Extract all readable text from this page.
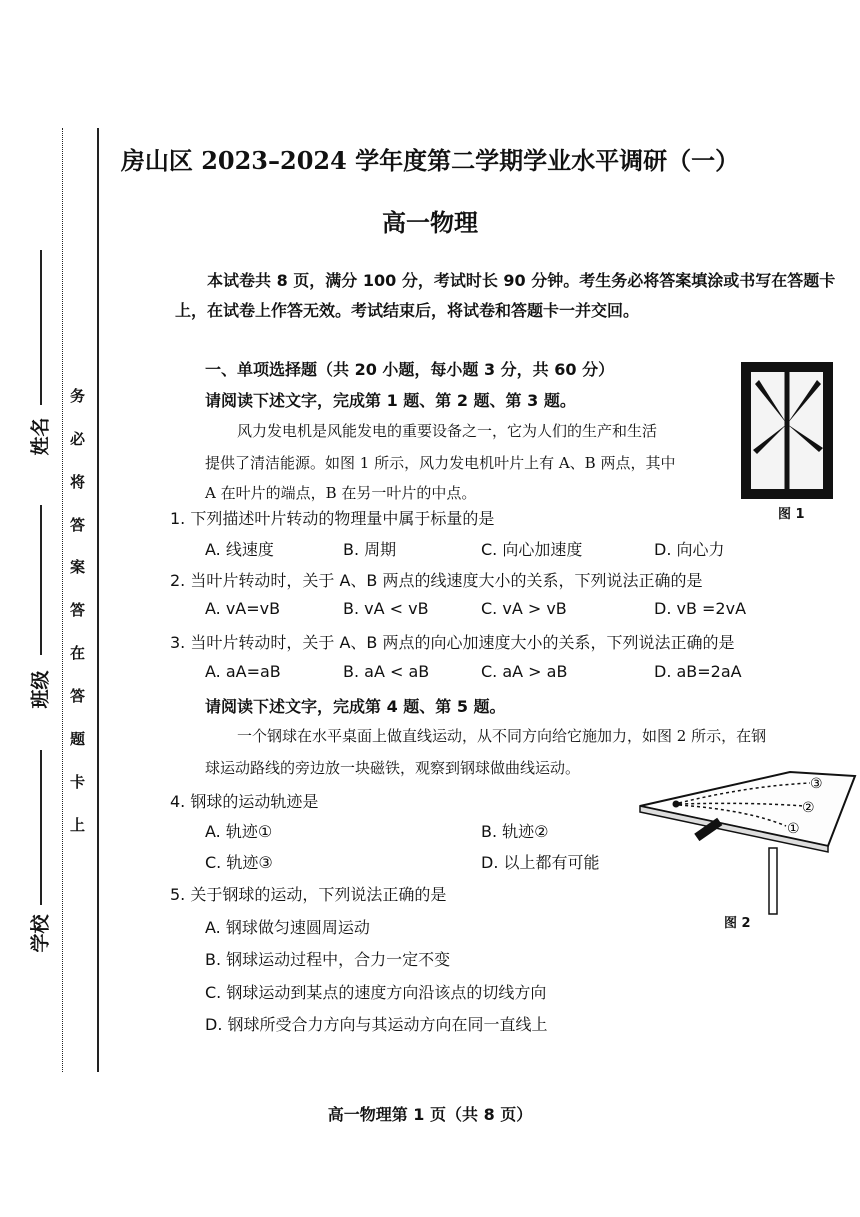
姓名
班级
学校
务
必
将
答
案
答
在
答
题
卡
上
房山区 2023–2024 学年度第二学期学业水平调研（一）
高一物理
本试卷共 8 页，满分 100 分，考试时长 90 分钟。考生务必将答案填涂或书写在答题卡上，在试卷上作答无效。考试结束后，将试卷和答题卡一并交回。
一、单项选择题（共 20 小题，每小题 3 分，共 60 分）
请阅读下述文字，完成第 1 题、第 2 题、第 3 题。
风力发电机是风能发电的重要设备之一，它为人们的生产和生活
提供了清洁能源。如图 1 所示，风力发电机叶片上有 A、B 两点，其中
A 在叶片的端点，B 在另一叶片的中点。
图 1
1. 下列描述叶片转动的物理量中属于标量的是
A. 线速度	B. 周期	C. 向心加速度	D. 向心力
2. 当叶片转动时，关于 A、B 两点的线速度大小的关系，下列说法正确的是
A. vA=vB	B. vA < vB	C. vA > vB	D. vB =2vA
3. 当叶片转动时，关于 A、B 两点的向心加速度大小的关系，下列说法正确的是
A. aA=aB	B. aA < aB	C. aA > aB	D. aB=2aA
请阅读下述文字，完成第 4 题、第 5 题。
一个钢球在水平桌面上做直线运动，从不同方向给它施加力，如图 2 所示，在钢
球运动路线的旁边放一块磁铁，观察到钢球做曲线运动。
③
②
①
图 2
4. 钢球的运动轨迹是
A. 轨迹①	B. 轨迹②
C. 轨迹③	D. 以上都有可能
5. 关于钢球的运动，下列说法正确的是
A. 钢球做匀速圆周运动
B. 钢球运动过程中，合力一定不变
C. 钢球运动到某点的速度方向沿该点的切线方向
D. 钢球所受合力方向与其运动方向在同一直线上
高一物理第 1 页（共 8 页）
